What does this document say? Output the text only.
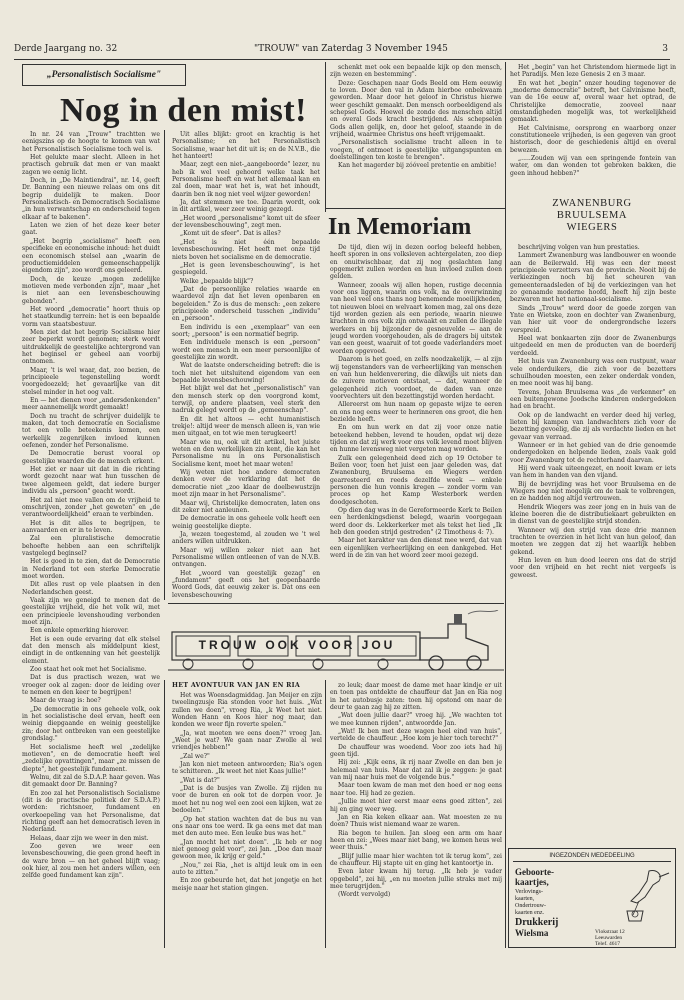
Derde Jaargang no. 32	"TROUW" van Zaterdag 3 November 1945	3
„Personalistisch Socialisme"
Nog in den mist!

In nr. 24 van „Trouw" trachtten we eenigszins op de hoogte te komen van wat het Personalistisch Socialisme toch wel is.

Het gelukte maar slecht. Alleen in het practisch gebruik dat men er van maakt zagen we eenig licht.

Doch, in „De Maintiendrai", nr. 14, geeft Dr. Banning een nieuwe relaas om ons dit begrip duidelijk te maken. Door Personalistisch- en Democratisch Socialisme „in hun verwantschap en onderscheid tegen elkaar af te bakenen".

Laten we zien of het deze keer beter gaat.

„Het begrip „socialisme" heeft een specifieke en economische inhoud: het duidt een economisch stelsel aan „waarin de productiemiddelen gemeenschappelijk eigendom zijn", zoo wordt ons geleerd.

Doch, de keuze „mogen zedelijke motieven mede verbonden zijn", maar „het is niet aan een levensbeschouwing gebonden".

Het woord „democratie" hoort thuis op het staatkundig terrein: het is een bepaalde vorm van staatsbestuur.

Men ziet dat het begrip Socialisme hier zeer beperkt wordt genomen; sterk wordt uitdrukkelijk de geestelijke achtergrond van het beginsel er geheel aan voorbij ontnomen.

Maar, 't is wel waar, dat, zoo bezien, de principieele tegenstelling wordt voorgedoezeld; het gevaarlijke van dit stelsel minder in het oog valt.

En — het dienen voor „andersdenkenden" meer aannemelijk wordt gemaakt!

Doch nu tracht de schrijver duidelijk te maken, dat toch democratie en Socialisme tot een volle beteekenis komen, een werkelijk zegenrijken invloed kunnen oefenen, zonder het Personalisme.

De Democratie berust vooral op geestelijke waarden die de mensch erkent.

Het ziet er naar uit dat in die richting wordt gezocht naar wat hun tusschen de twee algemeen geldt, dat iedere burger individu als „persoon" geacht wordt.

Het zal niet mee vallen om de vrijheid te omschrijven, zonder „het geweten" en „de verantwoordelijkheid" eraan te verbinden.

Het is dit alles te begrijpen, te aanvaarden en er in te leven.

Zal een pluralistische democratie behoefte hebben aan een schriftelijk vastgelegd beginsel?

Het is goed in te zien, dat de Democratie in Nederland tot een sterke Democratie moet worden.

Dit alles rust op vele plaatsen in den Nederlandschen geest.

Vaak zijn we geneigd te menen dat de geestelijke vrijheid, die het volk wil, met een principieele levenshouding verbonden moet zijn.

Een enkele opmerking hierover.

Het is een oude ervaring dat elk stelsel dat den mensch als middelpunt kiest, eindigt in de ontkenning van het geestelijk element.

Zoo staat het ook met het Socialisme.

Dat is dus practisch wezen, wat we vroeger ook al zagen: door de leiding over te nemen en den keer te begrijpen!

Maar de vraag is: hoe?

„De democratie in ons geheele volk, ook in het socialistische deel ervan, heeft een weinig diepgaande en weinig geestelijke zin; door het ontbreken van een geestelijke grondslag."

Het socialisme heeft wel „zedelijke motieven", en de democratie heeft wel „zedelijke opvattingen", maar „ze missen de diepte", het geestelijk fundament.

Welnu, dit zal de S.D.A.P. haar geven. Was dit gemaakt door Dr. Banning?

En zoo zal het Personalistisch Socialisme (dit is de practische politiek der S.D.A.P.) worden: richtsnoer, fundament en overkoepeling van het Personalisme, dat richting geeft aan het democratisch leven in Nederland.

Helaas, daar zijn we weer in den mist.

Zoo geven we weer een levensbeschouwing, die geen grond heeft in de ware bron — en het geheel blijft vaag; ook hier, al zou men het anders willen, een zelfde goed fundament kan zijn".

Uit alles blijkt: groot en krachtig is het Personalisme; en het Personalistisch Socialisme, waar het dit uit is; en de N.V.B., die het hanteert!

Maar, zegt een niet-„aangeboorde" lezer, nu heb ik wel veel gehoord welke taak het Personalisme heeft en wat het allemaal kan en zal doen, maar wat het is, wat het inhoudt, daarin ben ik nog niet veel wijzer geworden!

Ja, dat stemmen we toe. Daarin wordt, ook in dit artikel, weer zeer weinig gezegd.

„Het woord „personalisme" komt uit de sfeer der levensbeschouwing", zegt men.

„Komt uit de sfeer". Dat is alles?

„Het is niet één bepaalde levensbeschouwing. Het heeft met onze tijd niets boven het socialisme en de democratie.

„Het is geen levensbeschouwing", is het gespiegeld.

Welke „bepaalde blijk"?

„Dat de persoonlijke relaties waarde en waardevol zijn dat het leven openbaren en begeleiden." Zo is dus de mensch: „een zekere principieele onderscheid tusschen „individu" en „persoon".

Een individu is een „exemplaar" van een soort; „persoon" is een normatief begrip.

Een individuele mensch is een „persoon" wordt een mensch in een meer persoonlijke of geestelijke zin wordt.

Wat de laatste onderscheiding betreft: die is toch niet het uitsluitend eigendom van een bepaalde levensbeschouwing!

Het blijkt wel dat het „personalistisch" van den mensch sterk op den voorgrond komt, terwijl, op andere plaatsen, veel sterk den nadruk gelegd wordt op de „gemeenschap".

En dit het altoos — echt humanistisch trekje!: altijd weer de mensch alleen is, van wie men uitgaat, en tot wie men terugkeert!

Maar wie nu, ook uit dit artikel, het juiste weten en den werkelijken zin kent, die kan het Personalisme nu in ons Personalistisch Socialisme kent, moet het maar weten!

Wij weten niet hoe andere democraten denken over de verklaring dat het de democratie niet „zoo klaar de doelbewustzijn moet zijn maar in het Personalisme".

Maar wij, Christelijke democraten, laten ons dit zeker niet aanleunen.

De democratie in ons geheele volk heeft een weinig geestelijke diepte.

Ja, wezen toegestemd, al zouden we 't wel anders willen uitdrukken.

Maar wij willen zeker niet aan het Personalisme willen ontleenen of van de N.V.B. ontvangen.

Het „woord van geestelijk gezag" en „fundament" geeft ons het geopenbaarde Woord Gods, dat eeuwig zeker is. Dat ons een levensbeschouwing

schenkt met ook een bepaalde kijk op den mensch, zijn wezen en bestemming".

Deze: Geschapen naar Gods Beeld om Hem eeuwig te loven. Door den val in Adam hierboe onbekwaam geworden. Maar door het geloof in Christus hierwe weer geschikt gemaakt. Den mensch oorbeeldigend als schepsel Gods. Hoewel de zonde des menschen altijd en overal Gods kracht bestrijdend. Als schepselen Gods allen gelijk, en, door het geloof, staande in de vrijheid, waarmee Christus ons heeft vrijgemaakt.

„Personalistisch socialisme tracht alleen in te voegen, of ontmoet is geestelijke uitgangspunten en doelstellingen ten koste te brengen".

Kan het magerder bij zóóveel pretentie en ambitie!

Het „begin" van het Christendom hiermede ligt in het Paradijs. Men leze Genesis 2 en 3 maar.

En wat het „begin" onzer houding tegenover de „moderne democratie" betreft, het Calvinisme heeft, van de 16e eeuw af, overal waar het optrad, de Christelijke democratie, zooveel naar omstandigheden mogelijk was, tot werkelijkheid gemaakt.

Het Calvinisme, oorsprong en waarborg onzer constitutioneele vrijheden, is een gegeven van groot historisch, door de geschiedenis altijd en overal bewezen.

„.....Zouden wij van een springende fontein van water, om dan wonden tot gebroken bakken, die geen inhoud hebben?"

In Memoriam
ZWANENBURG
BRUULSEMA
WIEGERS

De tijd, dien wij in dezen oorlog beleefd hebben, heeft sporen in ons volksleven achtergelaten, zoo diep en onuitwischbaar, dat zij nog geslachten lang opgemerkt zullen worden en hun invloed zullen doen gelden.

Wanneer, zooals wij allen hopen, rustige decennia voor ons liggen, waarin ons volk, na de overwinning van heel veel ons thans nog benemende moeilijkheden, tot nieuwen bloei en welvaart komen mag, zal ons deze tijd worden gezien als een periode, waarin nieuwe krachten in ons volk zijn ontwaakt en zullen de illegale werkers en bij bijzonder de gesneuvelde — aan de jeugd worden voorgehouden, als de dragers bij uitstek van een geest, waaruit of tot goede vaderlanders moet worden opgevoed.

Daarom is het goed, en zelfs noodzakelijk, — al zijn wij tegenstanders van de verheerlijking van menschen en van hun heldenverering, die dikwijls uit niets dan de zuivere motieven ontstaat, — dat, wanneer de gelegenheid zich voordoet, de daden van onze voorvechters uit den bezettingstijd worden herdacht.

Allereerst om hun naam op gepaste wijze te eeren en ons nog eens weer te herinneren ons groot, die hen bezielde heeft.

En om hun werk en dat zij voor onze natie beteekend hebben, levend te houden, opdat wij deze tijden en dat zij werk voor ons volk levend moet blijven en hunne levensweg niet vergeten mag worden.

Zulk een gelegenheid deed zich op 19 October te Beilen voor, toen het juist een jaar geleden was, dat Zwanenburg, Bruulsema en Wiegers werden gearresteerd en reeds dezelfde week — enkele personen die hun vonnis kregen — zonder vorm van proces op het Kamp Westerbork werden doodgeschoten.

Op dien dag was in de Gereformeerde Kerk te Beilen een herdenkingsdienst belegd, waarin voorgegaan werd door ds. Lekkerkerker met als tekst het lied „Ik heb den goeden strijd gestreden" (2 Timotheus 4: 7).

Maar het karakter van den dienst mee werd, dat van een eigenlijken verheerlijking en een dankgebed. Het werd in de zin van het woord zeer mooi gezegd.

beschrijving volgen van hun prestaties.

Lammert Zwanenburg was landbouwer en woonde aan de Beilerwald. Hij was een der meest principieele verzetters van de provincie. Nooit bij de verkiezingen noch bij het scheuren van gemeenteraadsleden of bij de verkiezingen van het zo genaamde moderne hoofd, heeft hij zijn beste bezwaren met het nationaal-socialisme.

Sinds „Trouw" werd door de goede zorgen van Ynte en Wietske, zoon en dochter van Zwanenburg, van hier uit voor de ondergrondsche lezers verspreid.

Heel wat bonkaarten zijn door de Zwanenburgs uitgedeeld en men de producten van de boerderij verdeeld.

Het huis van Zwanenburg was een rustpunt, waar vele onderduikers, die zich voor de bezetters schuilhouden moesten, een zeker onderdak vonden, en mee nooit was hij bang.

Tevens, Johan Bruulsema was „de verkenner" en een buitengewone Joodsche kinderen ondergedoken had en bracht.

Ook op de landwacht en verder deed hij verleg, lieten bij kampen van landwachters zich voor de bezetting gevoelig, die zij als verdachte lieden en het gevaar van verraad.

Wanneer er in het gebied van de drie genoemde ondergedoken en helpende lieden, zoals vaak gold voor Zwanenburg tot de rechterhand daarvan.

Hij werd vaak uiteengezet, en nooit kwam er iets van hem in handen van den vijand.

Bij de bevrijding was het voor Bruulsema en de Wiegers nog niet mogelijk om de taak te volbrengen, en ze hadden nog altijd vertrouwen.

Hendrik Wiegers was zeer jong en in huis van de kleine boeren die de distributiekaart gebruikten en in dienst van de geestelijke strijd stonden.

Wanneer wij den strijd van deze drie mannen trachten te overzien in het licht van hun geloof, dan moeten we zeggen dat zij het waarlijk hebben gekend.

Hun leven en hun dood leeren ons dat de strijd voor den vrijheid en het recht niet vergeefs is geweest.

TROUW OOK VOOR JOU
HET AVONTUUR VAN JAN EN RIA

Het was Woensdagmiddag. Jan Meijer en zijn tweelingzusje Ria stonden voor het huis. „Wat zullen we doen", vroeg Ria, „k Weet het niet. Wonden Hann en Koos hier nog maar, dan konden we weer fijn roverte spelen."

„Ja, wat moeten we eens doen?" vroeg Jan. „Weet je wat? We gaan naar Zwolle al wel vriendjes hebben!"

„Zal we?"

Jan kon niet meteen antwoorden; Ria's ogen te schitteren. „Ik weet het niet Kaas jullie!"

„Wat is dat?"

„Dat is de busjes van Zwolle. Zij rijden nu voor de buren en ook tot de dorpen voor. Je moet het nu nog wel een zooi een kijken, wat ze bedoelen."

„Op het station wachten dat de bus nu van ons naar ons toe werd. Ik ga eens met dat man met den auto mee. Een leuke bus was het."

„Jan mocht het niet doen". „Ik heb er nog niet genoeg geld voor", zei Jan. „Doe dan maar gewoon mee, ik krijg er geld."

„Nou," zei Ria, „het is altijd leuk om in een auto te zitten."

En zoo gebeurde het, dat het jongetje en het meisje naar het station gingen.

zo leuk; daar moest de dame met haar kindje er uit en toen pas ontdekte de chauffeur dat Jan en Ria nog in het autobusje zaten: toen hij opstond om naar de deur te gaan zag hij ze zitten.

„Wat doen jullie daar?" vroeg hij. „We wachten tot we mee kunnen rijden", antwoordde Jan.

„Wat! Ik ben met deze wagen heel eind van huis", vertelde de chauffeur. „Hoe kom je hier toch terecht?"

De chauffeur was woedend. Voor zoo iets had hij geen tijd.

Hij zei: „Kijk eens, ik rij naar Zwolle en dan ben je helemaal van huis. Maar dat zal ik je zeggen: je gaat van mij naar huis met de volgende bus."

Maar toen kwam de man met den hoed er nog eens naar toe. Hij had ze gezien.

„Jullie moet hier eerst maar eens goed zitten", zei hij en ging weer weg.

Jan en Ria keken elkaar aan. Wat moesten ze nu doen? Thuis wist niemand waar ze waren.

Ria begon te huilen. Jan sloeg een arm om haar heen en zei: „Wees maar niet bang, we komen heus wel weer thuis."

„Blijf jullie maar hier wachten tot ik terug kom", zei de chauffeur. Hij stapte uit en ging het kantoortje in.

Even later kwam hij terug. „Ik heb je vader opgebeld", zei hij, „en nu moeten jullie straks met mij mee terugrijden."

(Wordt vervolgd)

INGEZONDEN MEDEDEELING
Geboorte-
kaartjes,
Verlovings-
kaarten,
Ondertrouw-
kaarten enz.
Drukkerij
Wielsma	Vlokstraat 12
Leeuwarden
Telef. 4617
